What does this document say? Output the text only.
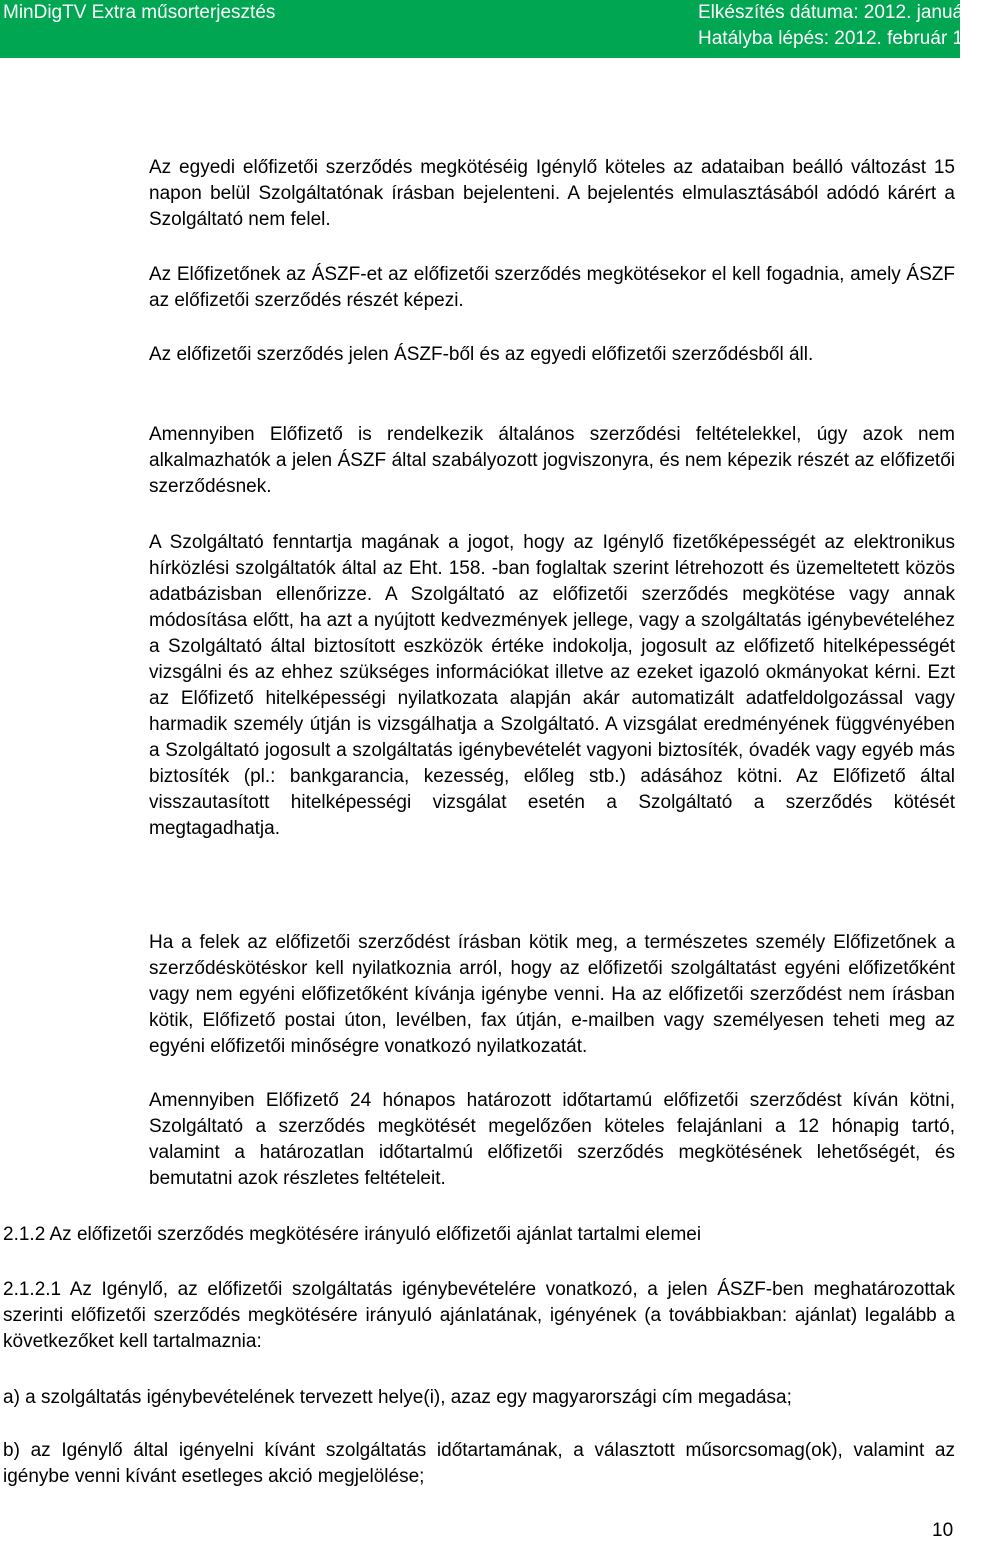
MinDigTV Extra műsorterjesztés	Elkészítés dátuma: 2012. január 12.
Hatályba lépés: 2012. február 13.

Az egyedi előfizetői szerződés megkötéséig Igénylő köteles az adataiban beálló változást 15 napon belül Szolgáltatónak írásban bejelenteni. A bejelentés elmulasztásából adódó kárért a Szolgáltató nem felel.

Az Előfizetőnek az ÁSZF-et az előfizetői szerződés megkötésekor el kell fogadnia, amely ÁSZF az előfizetői szerződés részét képezi.

Az előfizetői szerződés jelen ÁSZF-ből és az egyedi előfizetői szerződésből áll.

Amennyiben Előfizető is rendelkezik általános szerződési feltételekkel, úgy azok nem alkalmazhatók a jelen ÁSZF által szabályozott jogviszonyra, és nem képezik részét az előfizetői szerződésnek.

A Szolgáltató fenntartja magának a jogot, hogy az Igénylő fizetőképességét az elektronikus hírközlési szolgáltatók által az Eht. 158. -ban foglaltak szerint létrehozott és üzemeltetett közös adatbázisban ellenőrizze. A Szolgáltató az előfizetői szerződés megkötése vagy annak módosítása előtt, ha azt a nyújtott kedvezmények jellege, vagy a szolgáltatás igénybevételéhez a Szolgáltató által biztosított eszközök értéke indokolja, jogosult az előfizető hitelképességét vizsgálni és az ehhez szükséges információkat illetve az ezeket igazoló okmányokat kérni. Ezt az Előfizető hitelképességi nyilatkozata alapján akár automatizált adatfeldolgozással vagy harmadik személy útján is vizsgálhatja a Szolgáltató. A vizsgálat eredményének függvényében a Szolgáltató jogosult a szolgáltatás igénybevételét vagyoni biztosíték, óvadék vagy egyéb más biztosíték (pl.: bankgarancia, kezesség, előleg stb.) adásához kötni. Az Előfizető által visszautasított hitelképességi vizsgálat esetén a Szolgáltató a szerződés kötését megtagadhatja.

Ha a felek az előfizetői szerződést írásban kötik meg, a természetes személy Előfizetőnek a szerződéskötéskor kell nyilatkoznia arról, hogy az előfizetői szolgáltatást egyéni előfizetőként vagy nem egyéni előfizetőként kívánja igénybe venni. Ha az előfizetői szerződést nem írásban kötik, Előfizető postai úton, levélben, fax útján, e-mailben vagy személyesen teheti meg az egyéni előfizetői minőségre vonatkozó nyilatkozatát.

Amennyiben Előfizető 24 hónapos határozott időtartamú előfizetői szerződést kíván kötni, Szolgáltató a szerződés megkötését megelőzően köteles felajánlani a 12 hónapig tartó, valamint a határozatlan időtartalmú előfizetői szerződés megkötésének lehetőségét, és bemutatni azok részletes feltételeit.

2.1.2 Az előfizetői szerződés megkötésére irányuló előfizetői ajánlat tartalmi elemei

2.1.2.1 Az Igénylő, az előfizetői szolgáltatás igénybevételére vonatkozó, a jelen ÁSZF-ben meghatározottak szerinti előfizetői szerződés megkötésére irányuló ajánlatának, igényének (a továbbiakban: ajánlat) legalább a következőket kell tartalmaznia:

a) a szolgáltatás igénybevételének tervezett helye(i), azaz egy magyarországi cím megadása;

b) az Igénylő által igényelni kívánt szolgáltatás időtartamának, a választott műsorcsomag(ok), valamint az igénybe venni kívánt esetleges akció megjelölése;

10
